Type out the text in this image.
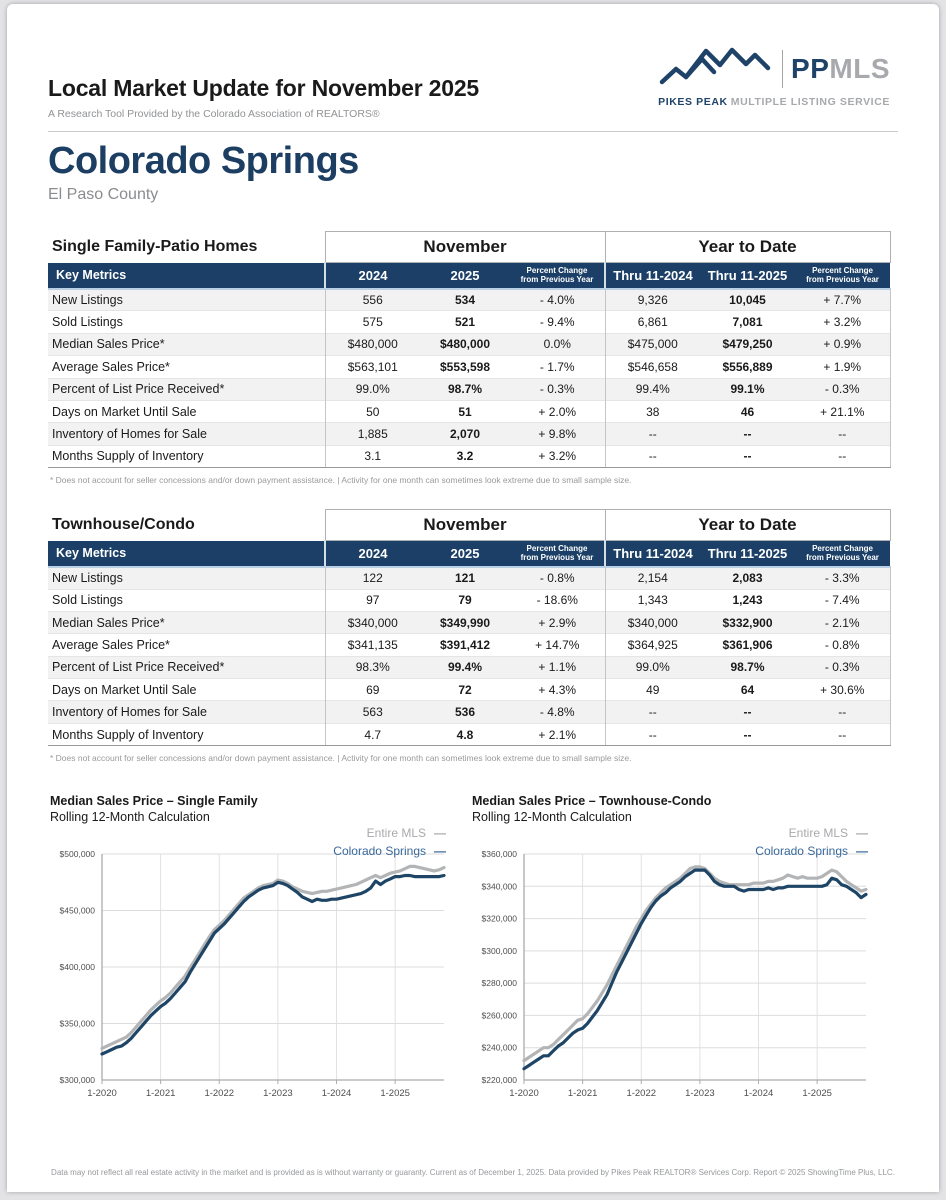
PP MLS
PIKES PEAK MULTIPLE LISTING SERVICE
Local Market Update for November 2025
A Research Tool Provided by the Colorado Association of REALTORS®
Colorado Springs
El Paso County
Single Family-Patio Homes	November			Year to Date		
Key Metrics	2024	2025	Percent Change from Previous Year	Thru 11-2024	Thru 11-2025	Percent Change from Previous Year
New Listings	556	534	- 4.0%	9,326	10,045	+ 7.7%
Sold Listings	575	521	- 9.4%	6,861	7,081	+ 3.2%
Median Sales Price*	$480,000	$480,000	0.0%	$475,000	$479,250	+ 0.9%
Average Sales Price*	$563,101	$553,598	- 1.7%	$546,658	$556,889	+ 1.9%
Percent of List Price Received*	99.0%	98.7%	- 0.3%	99.4%	99.1%	- 0.3%
Days on Market Until Sale	50	51	+ 2.0%	38	46	+ 21.1%
Inventory of Homes for Sale	1,885	2,070	+ 9.8%	--	--	--
Months Supply of Inventory	3.1	3.2	+ 3.2%	--	--	--
* Does not account for seller concessions and/or down payment assistance. | Activity for one month can sometimes look extreme due to small sample size.
Townhouse/Condo	November			Year to Date		
Key Metrics	2024	2025	Percent Change from Previous Year	Thru 11-2024	Thru 11-2025	Percent Change from Previous Year
New Listings	122	121	- 0.8%	2,154	2,083	- 3.3%
Sold Listings	97	79	- 18.6%	1,343	1,243	- 7.4%
Median Sales Price*	$340,000	$349,990	+ 2.9%	$340,000	$332,900	- 2.1%
Average Sales Price*	$341,135	$391,412	+ 14.7%	$364,925	$361,906	- 0.8%
Percent of List Price Received*	98.3%	99.4%	+ 1.1%	99.0%	98.7%	- 0.3%
Days on Market Until Sale	69	72	+ 4.3%	49	64	+ 30.6%
Inventory of Homes for Sale	563	536	- 4.8%	--	--	--
Months Supply of Inventory	4.7	4.8	+ 2.1%	--	--	--
* Does not account for seller concessions and/or down payment assistance. | Activity for one month can sometimes look extreme due to small sample size.
Median Sales Price – Single Family
Rolling 12-Month Calculation
Entire MLS —
Colorado Springs —
1-2020	1-2021	1-2022	1-2023	1-2024	1-2025
$300,000
$350,000
$400,000
$450,000
$500,000
Median Sales Price – Townhouse-Condo
Rolling 12-Month Calculation
Entire MLS —
Colorado Springs —
1-2020	1-2021	1-2022	1-2023	1-2024	1-2025
$220,000
$240,000
$260,000
$280,000
$300,000
$320,000
$340,000
$360,000
Data may not reflect all real estate activity in the market and is provided as is without warranty or guaranty. Current as of December 1, 2025. Data provided by Pikes Peak REALTOR® Services Corp. Report © 2025 ShowingTime Plus, LLC.
